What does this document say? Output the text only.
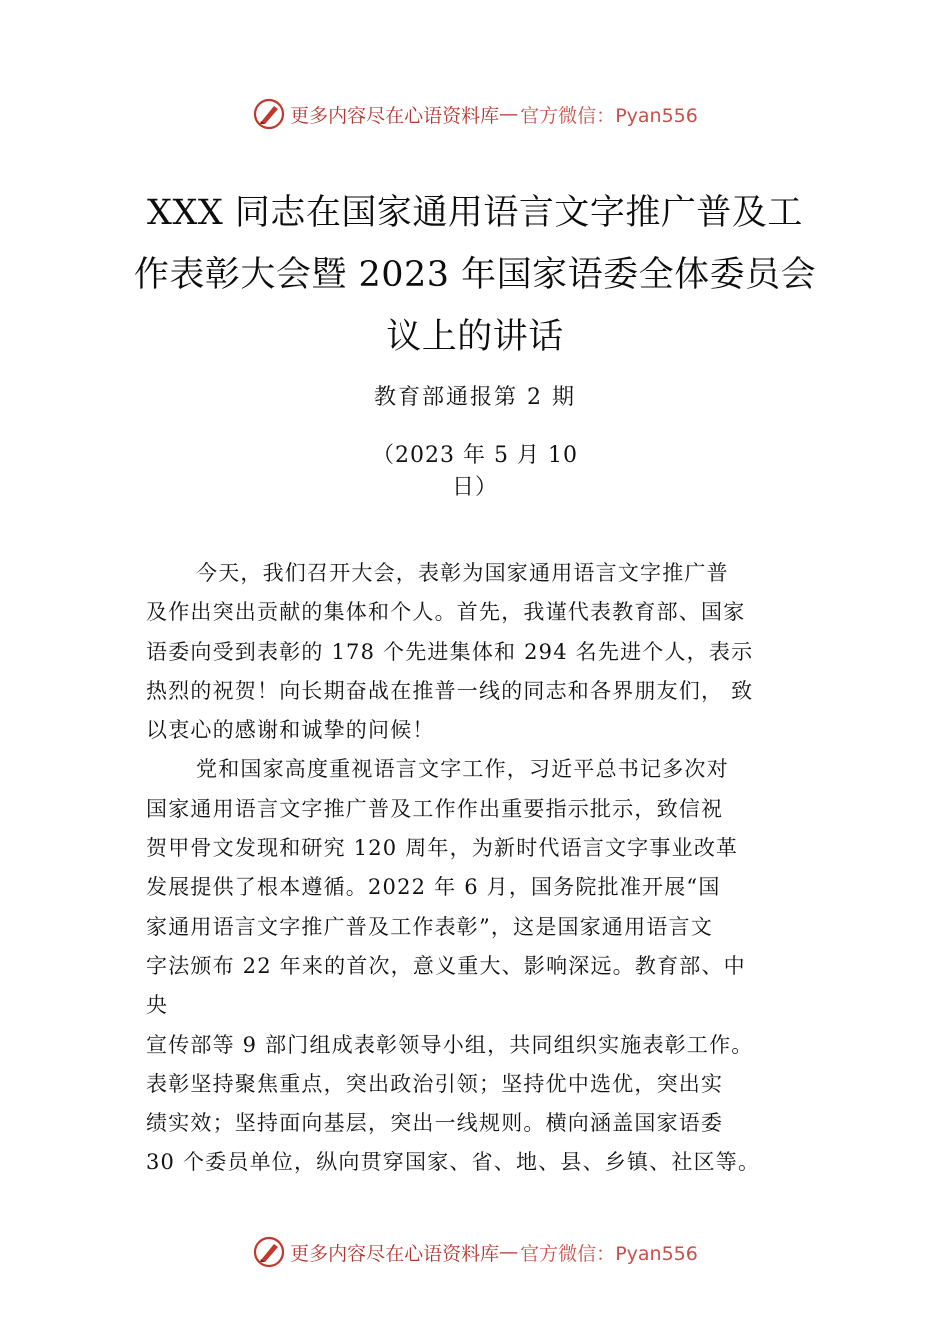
更多内容尽在心语资料库 — 官方微信：Pyan556
XXX 同志在国家通用语言文字推广普及工
作表彰大会暨 2023 年国家语委全体委员会
议上的讲话
教育部通报第 2 期
（2023 年 5 月 10
日）
今天，我们召开大会，表彰为国家通用语言文字推广普
及作出突出贡献的集体和个人。首先，我谨代表教育部、国家
语委向受到表彰的 178 个先进集体和 294 名先进个人，表示
热烈的祝贺！向长期奋战在推普一线的同志和各界朋友们， 致
以衷心的感谢和诚挚的问候！
党和国家高度重视语言文字工作，习近平总书记多次对
国家通用语言文字推广普及工作作出重要指示批示，致信祝
贺甲骨文发现和研究 120 周年，为新时代语言文字事业改革
发展提供了根本遵循。2022 年 6 月，国务院批准开展“国
家通用语言文字推广普及工作表彰”，这是国家通用语言文
字法颁布 22 年来的首次，意义重大、影响深远。教育部、中
央
宣传部等 9 部门组成表彰领导小组，共同组织实施表彰工作。
表彰坚持聚焦重点，突出政治引领；坚持优中选优，突出实
绩实效；坚持面向基层，突出一线规则。横向涵盖国家语委
30 个委员单位，纵向贯穿国家、省、地、县、乡镇、社区等。
更多内容尽在心语资料库 — 官方微信：Pyan556
